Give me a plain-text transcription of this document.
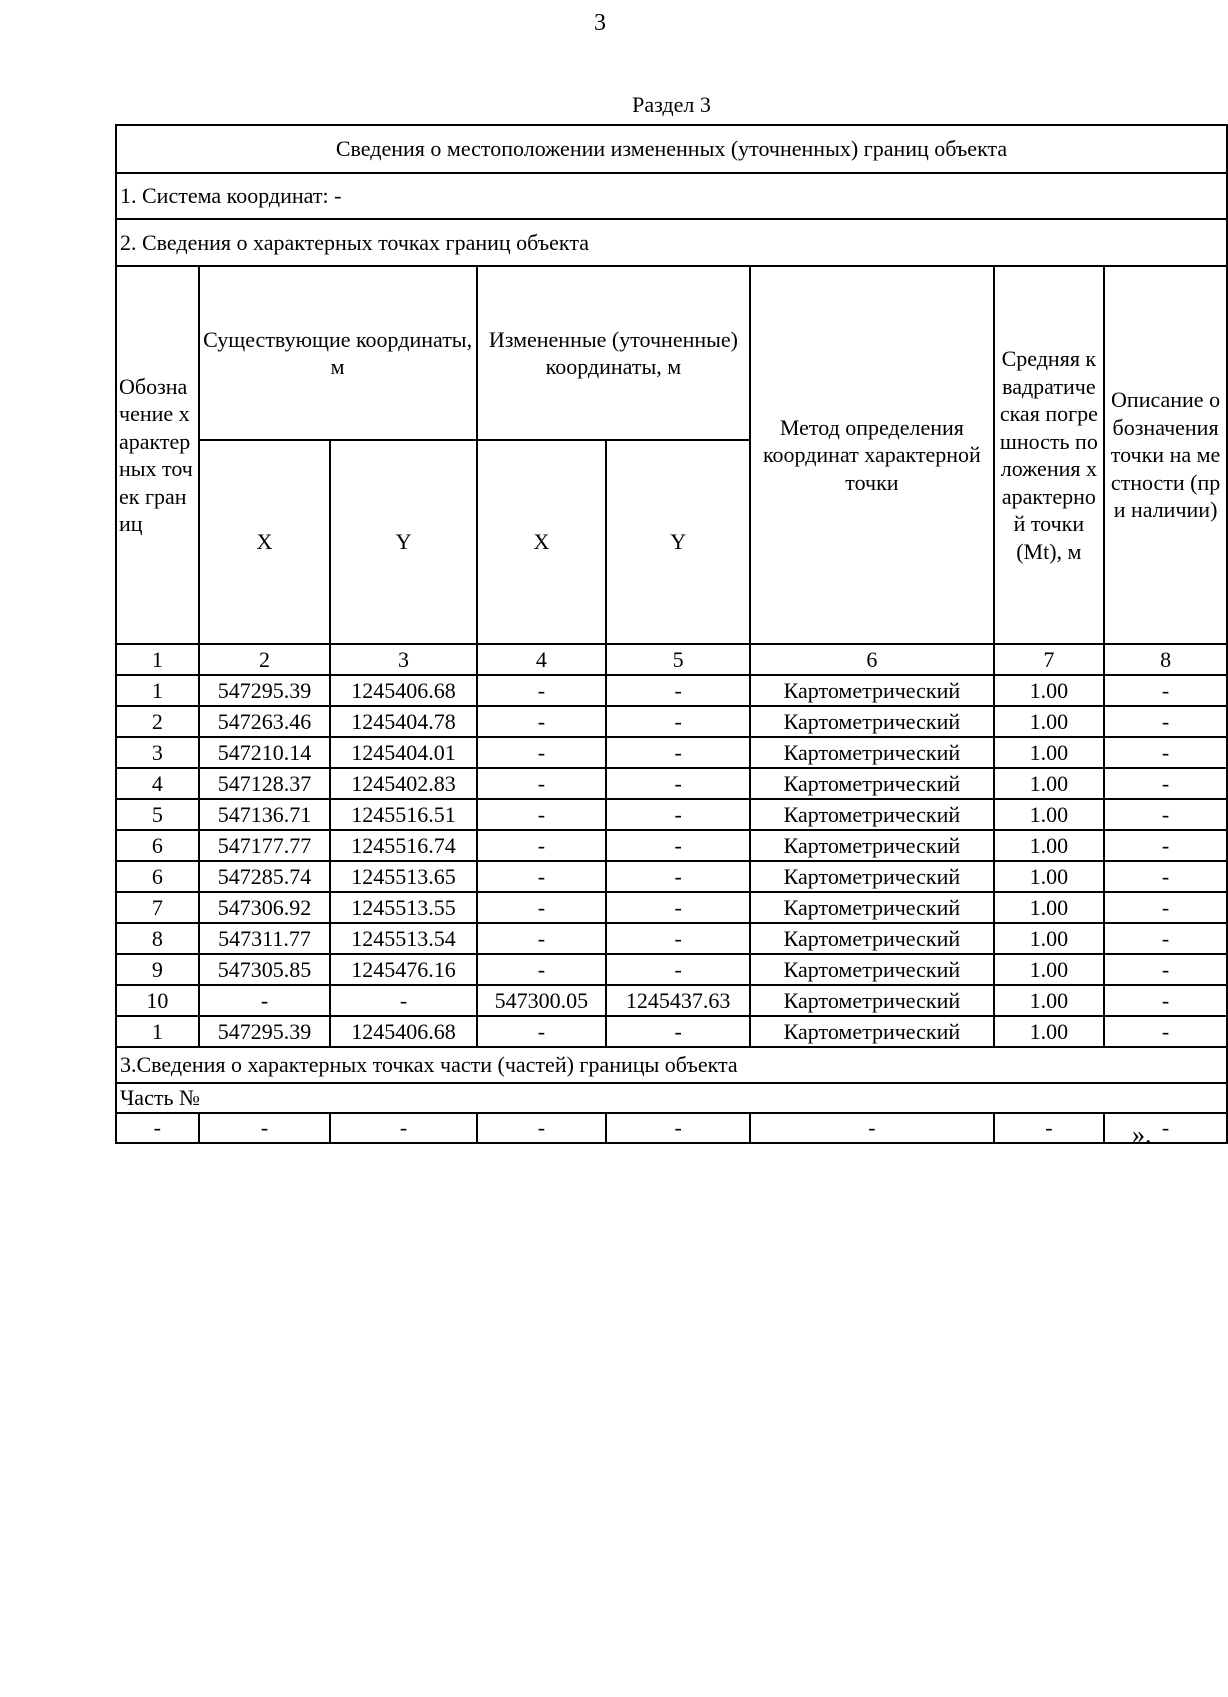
3
Раздел 3
Сведения о местоположении измененных (уточненных) границ объекта							
1. Система координат: -							
2. Сведения о характерных точках границ объекта							
Обозначение характерных точек границ	Существующие координаты, м		Измененные (уточненные) координаты, м		Метод определения координат характерной точки	Средняя квадратическая погрешность положения характерной точки (Mt), м	Описание обозначения точки на местности (при наличии)
	X	Y	X	Y			
1	2	3	4	5	6	7	8
1	547295.39	1245406.68	-	-	Картометрический	1.00	-
2	547263.46	1245404.78	-	-	Картометрический	1.00	-
3	547210.14	1245404.01	-	-	Картометрический	1.00	-
4	547128.37	1245402.83	-	-	Картометрический	1.00	-
5	547136.71	1245516.51	-	-	Картометрический	1.00	-
6	547177.77	1245516.74	-	-	Картометрический	1.00	-
6	547285.74	1245513.65	-	-	Картометрический	1.00	-
7	547306.92	1245513.55	-	-	Картометрический	1.00	-
8	547311.77	1245513.54	-	-	Картометрический	1.00	-
9	547305.85	1245476.16	-	-	Картометрический	1.00	-
10	-	-	547300.05	1245437.63	Картометрический	1.00	-
1	547295.39	1245406.68	-	-	Картометрический	1.00	-
3.Сведения о характерных точках части (частей) границы объекта							
Часть №							
-	-	-	-	-	-	-	-
».
